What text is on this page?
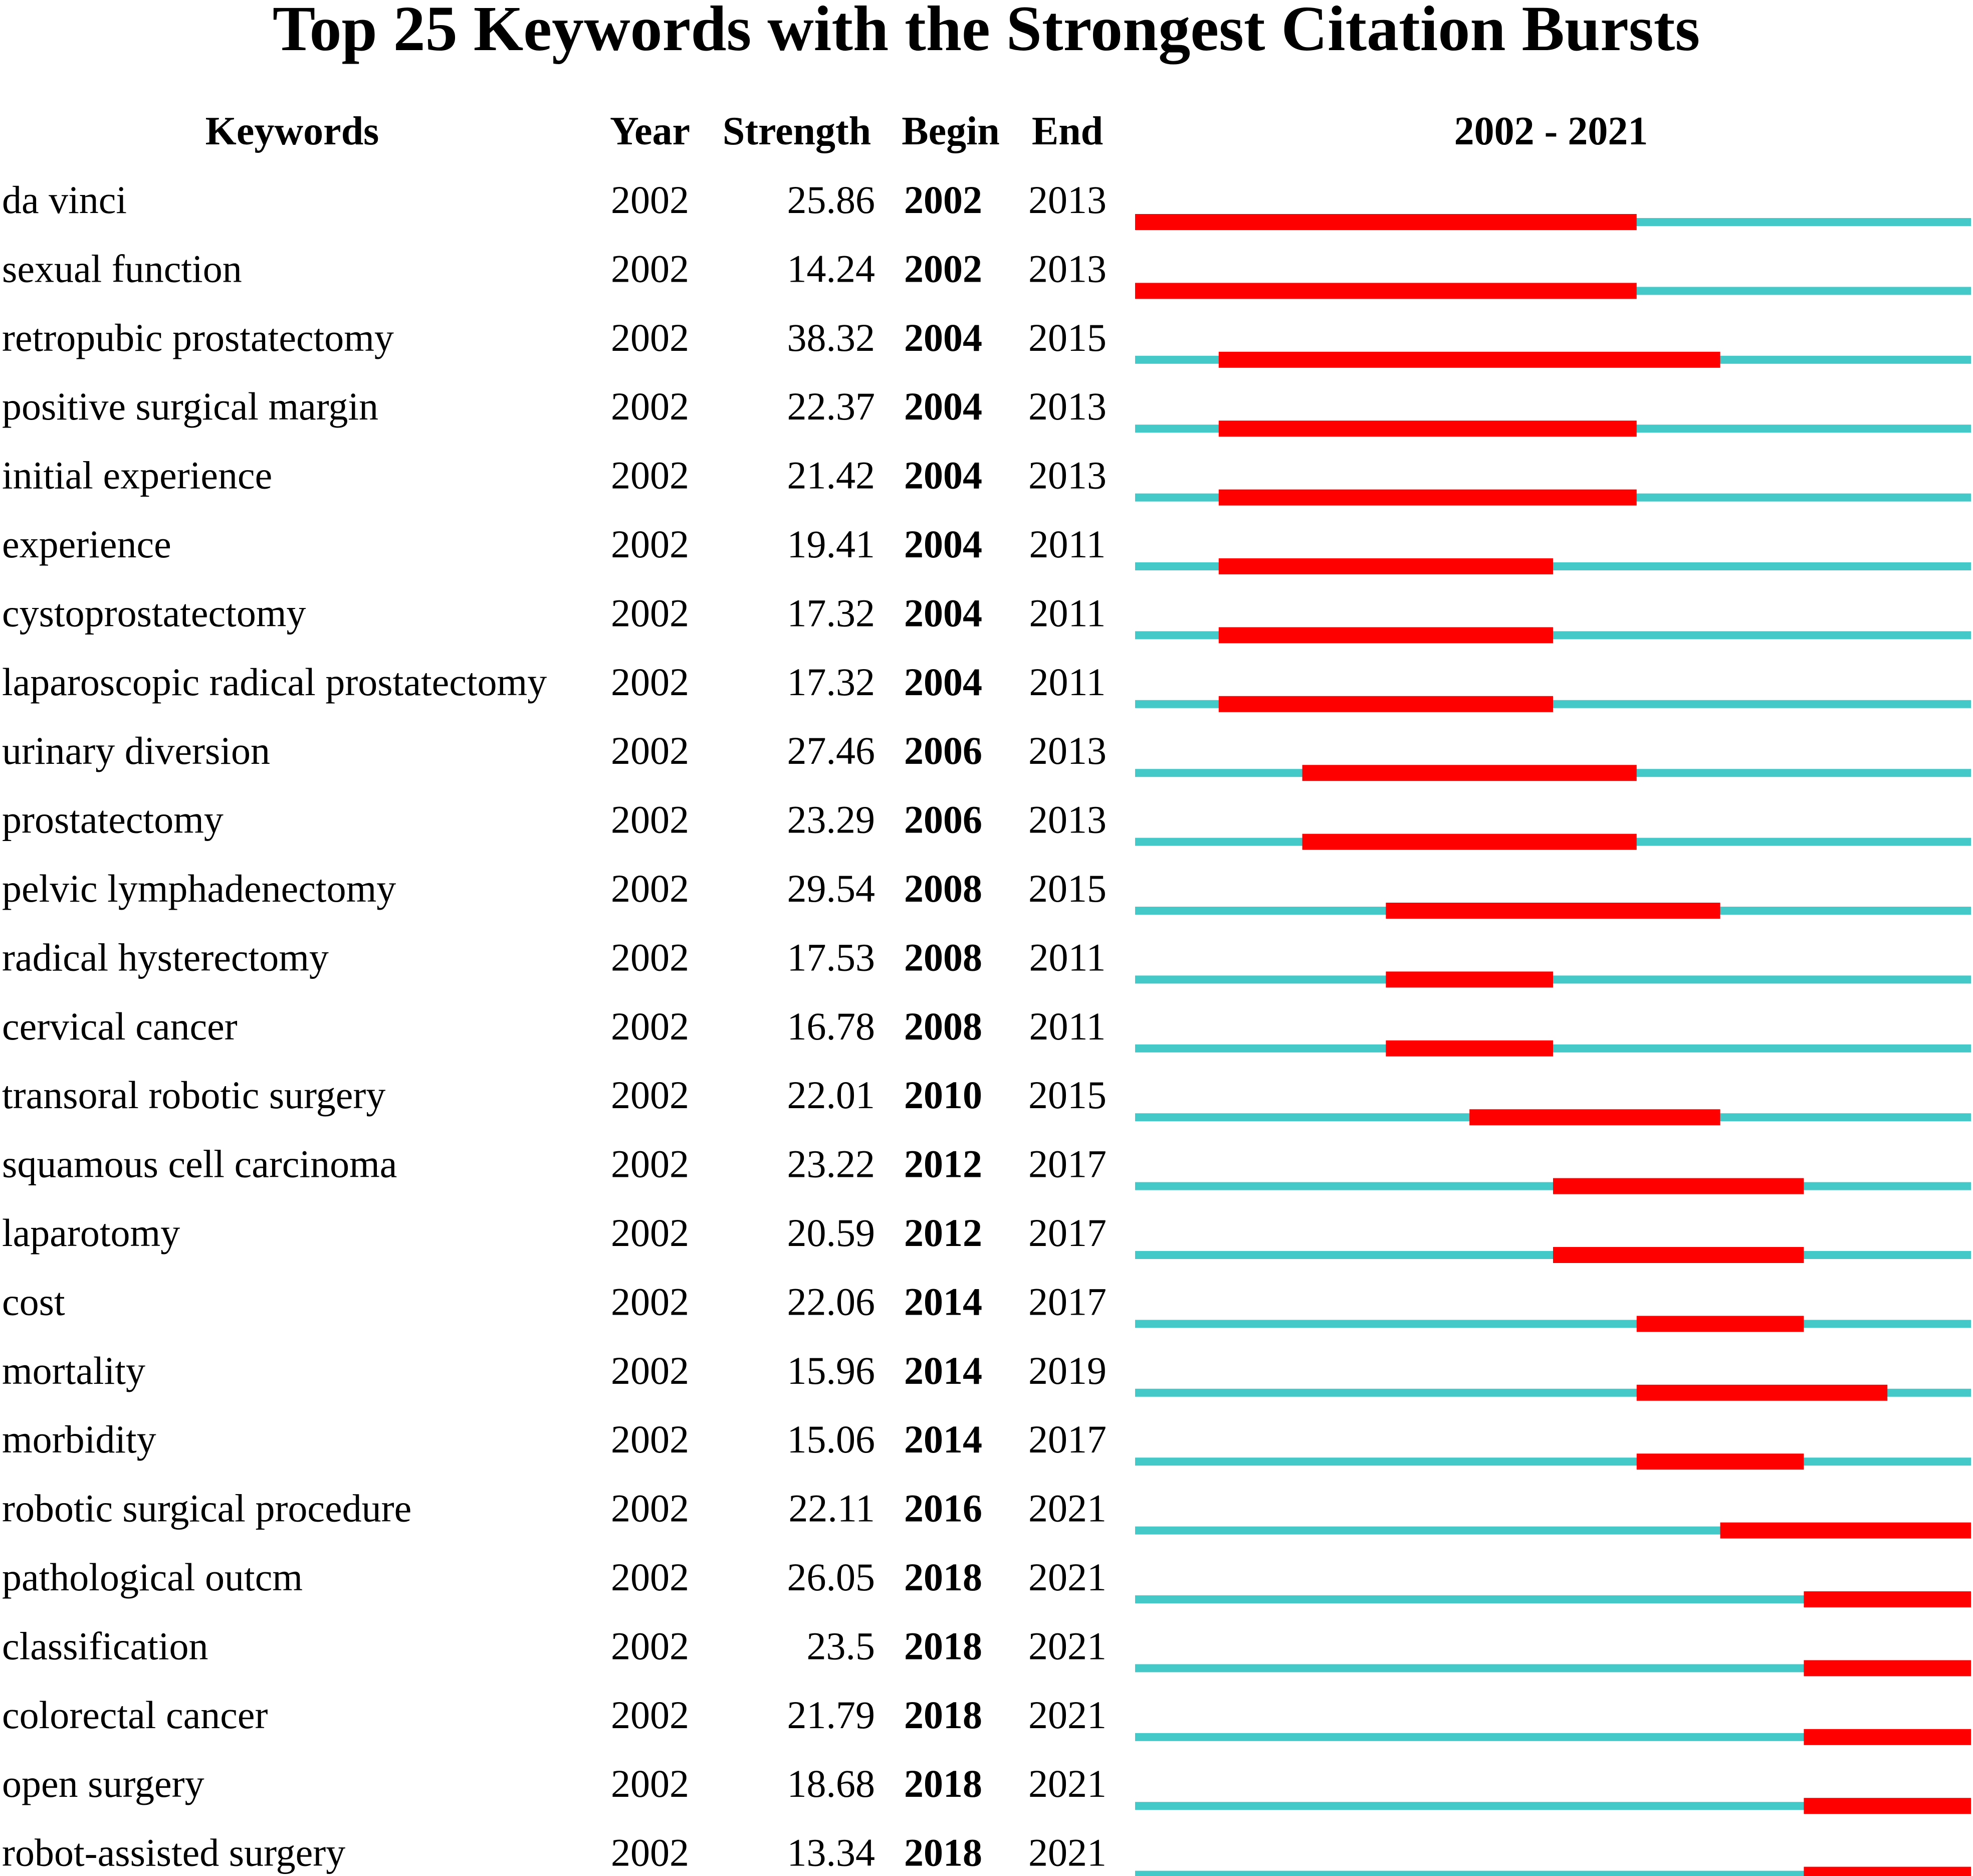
Top 25 Keywords with the Strongest Citation Bursts
Keywords	Year Strength Begin End	2002 - 2021
da vinci	2002	25.86 2002 2013
sexual function	2002	14.24 2002 2013
retropubic prostatectomy	2002	38.32 2004 2015
positive surgical margin	2002	22.37 2004 2013
initial experience	2002	21.42 2004 2013
experience	2002	19.41 2004 2011
cystoprostatectomy	2002	17.32 2004 2011
laparoscopic radical prostatectomy 2002	17.32 2004 2011
urinary diversion	2002	27.46 2006 2013
prostatectomy	2002	23.29 2006 2013
pelvic lymphadenectomy	2002	29.54 2008 2015
radical hysterectomy	2002	17.53 2008 2011
cervical cancer	2002	16.78 2008 2011
transoral robotic surgery	2002	22.01 2010 2015
squamous cell carcinoma	2002	23.22 2012 2017
laparotomy	2002	20.59 2012 2017
cost	2002	22.06 2014 2017
mortality	2002	15.96 2014 2019
morbidity	2002	15.06 2014 2017
robotic surgical procedure	2002	22.11 2016 2021
pathological outcm	2002	26.05 2018 2021
classification	2002	23.5 2018 2021
colorectal cancer	2002	21.79 2018 2021
open surgery	2002	18.68 2018 2021
robot-assisted surgery	2002	13.34 2018 2021
